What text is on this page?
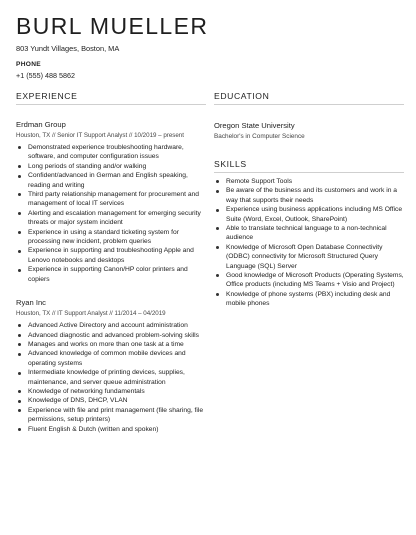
BURL MUELLER
803 Yundt Villages, Boston, MA
PHONE
+1 (555) 488 5862
EXPERIENCE
Erdman Group
Houston, TX // Senior IT Support Analyst // 10/2019 – present
Demonstrated experience troubleshooting hardware, software, and computer configuration issues
Long periods of standing and/or walking
Confident/advanced in German and English speaking, reading and writing
Third party relationship management for procurement and management of local IT services
Alerting and escalation management for emerging security threats or major system incident
Experience in using a standard ticketing system for processing new incident, problem queries
Experience in supporting and troubleshooting Apple and Lenovo notebooks and desktops
Experience in supporting Canon/HP color printers and copiers
Ryan Inc
Houston, TX // IT Support Analyst // 11/2014 – 04/2019
Advanced Active Directory and account administration
Advanced diagnostic and advanced problem-solving skills
Manages and works on more than one task at a time
Advanced knowledge of common mobile devices and operating systems
Intermediate knowledge of printing devices, supplies, maintenance, and server queue administration
Knowledge of networking fundamentals
Knowledge of DNS, DHCP, VLAN
Experience with file and print management (file sharing, file permissions, setup printers)
Fluent English & Dutch (written and spoken)
EDUCATION
Oregon State University
Bachelor's in Computer Science
SKILLS
Remote Support Tools
Be aware of the business and its customers and work in a way that supports their needs
Experience using business applications including MS Office Suite (Word, Excel, Outlook, SharePoint)
Able to translate technical language to a non-technical audience
Knowledge of Microsoft Open Database Connectivity (ODBC) connectivity for Microsoft Structured Query Language (SQL) Server
Good knowledge of Microsoft Products (Operating Systems, Office products (including MS Teams + Visio and Project)
Knowledge of phone systems (PBX) including desk and mobile phones
